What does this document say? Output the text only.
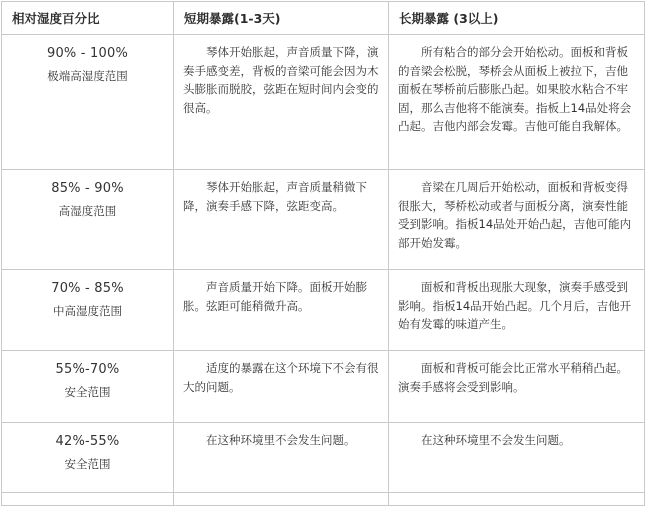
相对湿度百分比	短期暴露(1-3天)	长期暴露 (3以上)

90% - 100%
极端高湿度范围	琴体开始胀起，声音质量下降，演奏手感变差，背板的音梁可能会因为木头膨胀而脱胶，弦距在短时间内会变的很高。	所有粘合的部分会开始松动。面板和背板的音梁会松脱，琴桥会从面板上被拉下，吉他面板在琴桥前后膨胀凸起。如果胶水粘合不牢固，那么吉他将不能演奏。指板上14品处将会凸起。吉他内部会发霉。吉他可能自我解体。

85% - 90%
高湿度范围	琴体开始胀起，声音质量稍微下降，演奏手感下降，弦距变高。	音梁在几周后开始松动，面板和背板变得很胀大，琴桥松动或者与面板分离，演奏性能受到影响。指板14品处开始凸起，吉他可能内部开始发霉。

70% - 85%
中高湿度范围	声音质量开始下降。面板开始膨胀。弦距可能稍微升高。	面板和背板出现胀大现象，演奏手感受到影响。指板14品开始凸起。几个月后，吉他开始有发霉的味道产生。

55%-70%
安全范围	适度的暴露在这个环境下不会有很大的问题。	面板和背板可能会比正常水平稍稍凸起。演奏手感将会受到影响。

42%-55%
安全范围	在这种环境里不会发生问题。	在这种环境里不会发生问题。
